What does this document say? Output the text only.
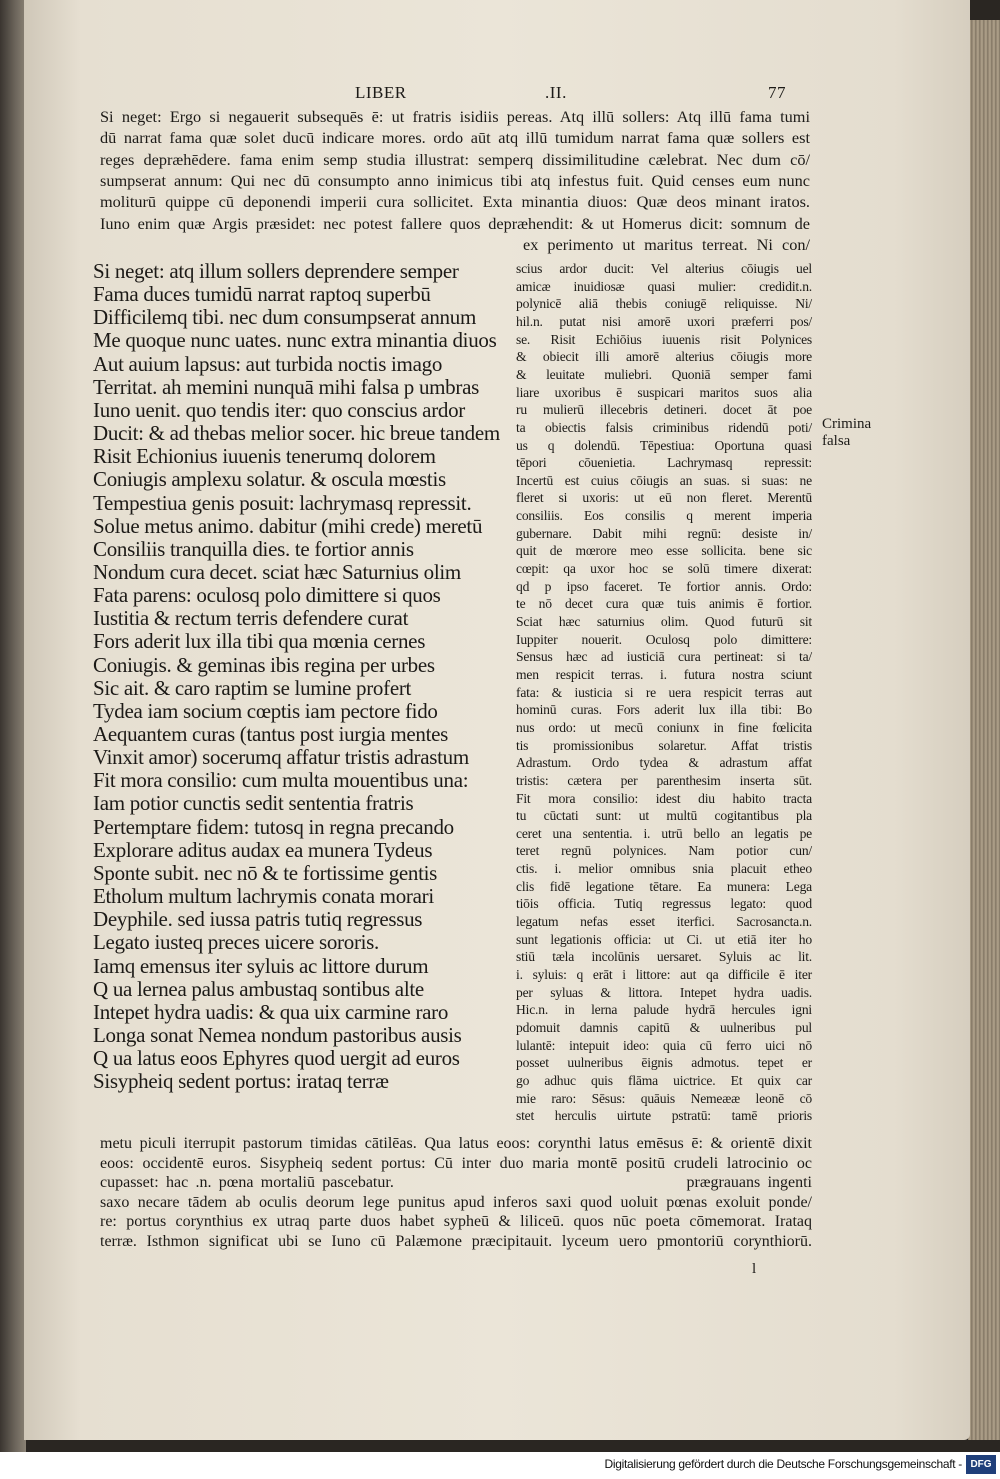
LIBER	.II.	77
Si neget: Ergo si negauerit subsequēs ē: ut fratris isidiis pereas. Atq illū sollers: Atq illū fama tumi
dū narrat fama quæ solet ducū indicare mores. ordo aūt atq illū tumidum narrat fama quæ sollers est
reges depræhēdere. fama enim semp studia illustrat: semperq dissimilitudine cælebrat. Nec dum cō/
sumpserat annum: Qui nec dū consumpto anno inimicus tibi atq infestus fuit. Quid censes eum nunc
moliturū quippe cū deponendi imperii cura sollicitet. Exta minantia diuos: Quæ deos minant iratos.
Iuno enim quæ Argis præsidet: nec potest fallere quos depræhendit: & ut Homerus dicit: somnum de
ex perimento ut maritus terreat. Ni con/
Si neget: atq illum sollers deprendere semper
Fama duces tumidū narrat raptoq superbū
Difficilemq tibi. nec dum consumpserat annum
Me quoque nunc uates. nunc extra minantia diuos
Aut auium lapsus: aut turbida noctis imago
Territat. ah memini nunquā mihi falsa p umbras
Iuno uenit. quo tendis iter: quo conscius ardor
Ducit: & ad thebas melior socer. hic breue tandem
Risit Echionius iuuenis tenerumq dolorem
Coniugis amplexu solatur. & oscula mœstis
Tempestiua genis posuit: lachrymasq repressit.
Solue metus animo. dabitur (mihi crede) meretū
Consiliis tranquilla dies. te fortior annis
Nondum cura decet. sciat hæc Saturnius olim
Fata parens: oculosq polo dimittere si quos
Iustitia & rectum terris defendere curat
Fors aderit lux illa tibi qua mœnia cernes
Coniugis. & geminas ibis regina per urbes
Sic ait. & caro raptim se lumine profert
Tydea iam socium cœptis iam pectore fido
Aequantem curas (tantus post iurgia mentes
Vinxit amor) socerumq affatur tristis adrastum
Fit mora consilio: cum multa mouentibus una:
Iam potior cunctis sedit sententia fratris
Pertemptare fidem: tutosq in regna precando
Explorare aditus audax ea munera Tydeus
Sponte subit. nec nō & te fortissime gentis
Etholum multum lachrymis conata morari
Deyphile. sed iussa patris tutiq regressus
Legato iusteq preces uicere sororis.
Iamq emensus iter syluis ac littore durum
Q ua lernea palus ambustaq sontibus alte
Intepet hydra uadis: & qua uix carmine raro
Longa sonat Nemea nondum pastoribus ausis
Q ua latus eoos Ephyres quod uergit ad euros
Sisypheiq sedent portus: irataq terræ
scius ardor ducit: Vel alterius cōiugis uel
amicæ inuidiosæ quasi mulier: credidit.n.
polynicē aliā thebis coniugē reliquisse. Ni/
hil.n. putat nisi amorē uxori præferri pos/
se. Risit Echiōius iuuenis risit Polynices
& obiecit illi amorē alterius cōiugis more
& leuitate muliebri. Quoniā semper fami
liare uxoribus ē suspicari maritos suos alia
ru mulierū illecebris detineri. docet āt poe
ta obiectis falsis criminibus ridendū poti/
us q dolendū. Tēpestiua: Oportuna quasi
tēpori cōuenietia. Lachrymasq repressit:
Incertū est cuius cōiugis an suas. si suas: ne
fleret si uxoris: ut eū non fleret. Merentū
consiliis. Eos consilis q merent imperia
gubernare. Dabit mihi regnū: desiste in/
quit de mœrore meo esse sollicita. bene sic
cœpit: qa uxor hoc se solū timere dixerat:
qd p ipso faceret. Te fortior annis. Ordo:
te nō decet cura quæ tuis animis ē fortior.
Sciat hæc saturnius olim. Quod futurū sit
Iuppiter nouerit. Oculosq polo dimittere:
Sensus hæc ad iusticiā cura pertineat: si ta/
men respicit terras. i. futura nostra sciunt
fata: & iusticia si re uera respicit terras aut
hominū curas. Fors aderit lux illa tibi: Bo
nus ordo: ut mecū coniunx in fine fœlicita
tis promissionibus solaretur. Affat tristis
Adrastum. Ordo tydea & adrastum affat
tristis: cætera per parenthesim inserta sūt.
Fit mora consilio: idest diu habito tracta
tu cūctati sunt: ut multū cogitantibus pla
ceret una sententia. i. utrū bello an legatis pe
teret regnū polynices. Nam potior cun/
ctis. i. melior omnibus snia placuit etheo
clis fidē legatione tētare. Ea munera: Lega
tiōis officia. Tutiq regressus legato: quod
legatum nefas esset iterfici. Sacrosancta.n.
sunt legationis officia: ut Ci. ut etiā iter ho
stiū tæla incolūnis uersaret. Syluis ac lit.
i. syluis: q erāt i littore: aut qa difficile ē iter
per syluas & littora. Intepet hydra uadis.
Hic.n. in lerna palude hydrā hercules igni
pdomuit damnis capitū & uulneribus pul
lulantē: intepuit ideo: quia cū ferro uici nō
posset uulneribus ēignis admotus. tepet er
go adhuc quis flāma uictrice. Et quix car
mie raro: Sēsus: quāuis Nemeææ leonē cō
stet herculis uirtute pstratū: tamē prioris
metu piculi iterrupit pastorum timidas cātilēas. Qua latus eoos: corynthi latus emēsus ē: & orientē dixit
eoos: occidentē euros. Sisypheiq sedent portus: Cū inter duo maria montē positū crudeli latrocinio oc
cupasset: hac .n. pœna mortaliū pascebatur.                                        prægrauans ingenti
saxo necare tādem ab oculis deorum lege punitus apud inferos saxi quod uoluit pœnas exoluit ponde/
re: portus corynthius ex utraq parte duos habet sypheū & liliceū. quos nūc poeta cōmemorat. Irataq
terræ. Isthmon significat ubi se Iuno cū Palæmone præcipitauit. lyceum uero pmontoriū corynthiorū.
Crimina
falsa
l
Digitalisierung gefördert durch die Deutsche Forschungsgemeinschaft - DFG
